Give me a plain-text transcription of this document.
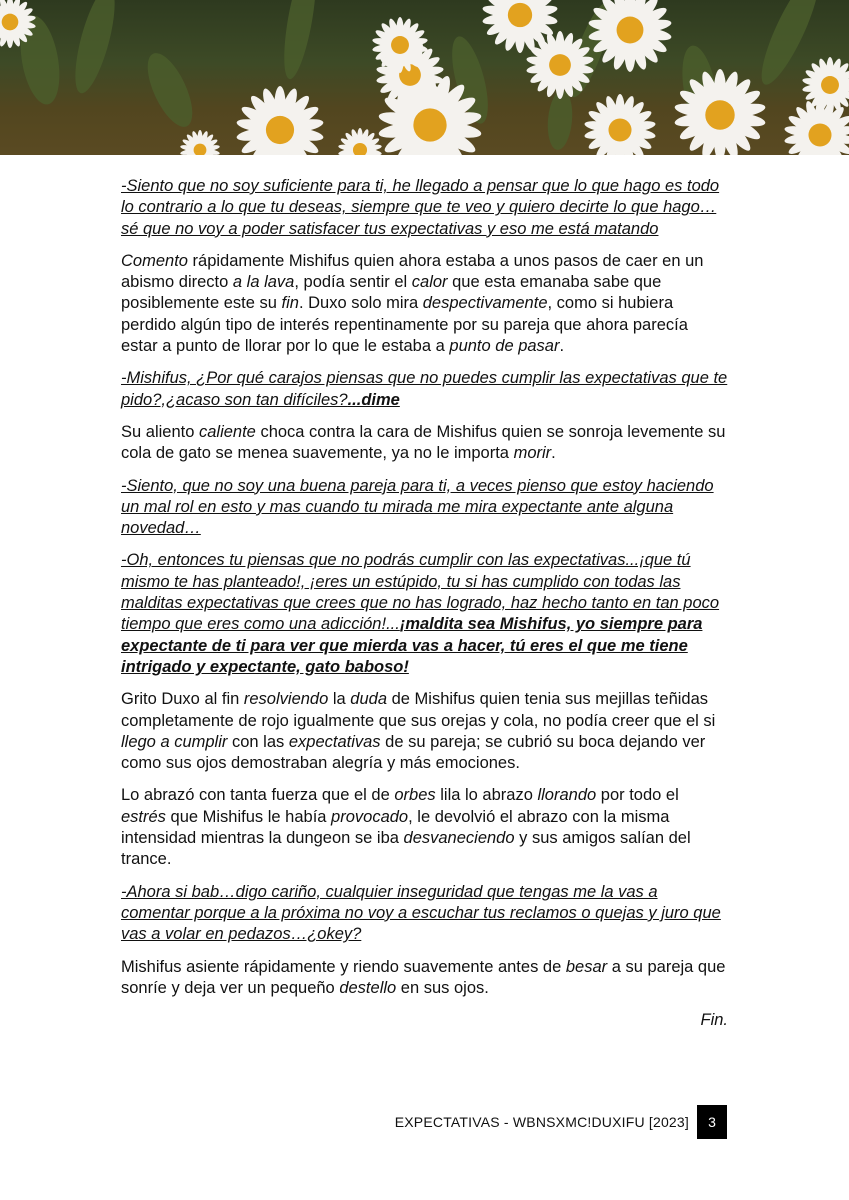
-Siento que no soy suficiente para ti, he llegado a pensar que lo que hago es todo lo contrario a lo que tu deseas, siempre que te veo y quiero decirte lo que hago…sé que no voy a poder satisfacer tus expectativas y eso me está matando

Comento rápidamente Mishifus quien ahora estaba a unos pasos de caer en un abismo directo a la lava, podía sentir el calor que esta emanaba sabe que posiblemente este su fin. Duxo solo mira despectivamente, como si hubiera perdido algún tipo de interés repentinamente por su pareja que ahora parecía estar a punto de llorar por lo que le estaba a punto de pasar.

-Mishifus, ¿Por qué carajos piensas que no puedes cumplir las expectativas que te pido?,¿acaso son tan difíciles?...dime

Su aliento caliente choca contra la cara de Mishifus quien se sonroja levemente su cola de gato se menea suavemente, ya no le importa morir.

-Siento, que no soy una buena pareja para ti, a veces pienso que estoy haciendo un mal rol en esto y mas cuando tu mirada me mira expectante ante alguna novedad…

-Oh, entonces tu piensas que no podrás cumplir con las expectativas...¡que tú mismo te has planteado!, ¡eres un estúpido, tu si has cumplido con todas las malditas expectativas que crees que no has logrado, haz hecho tanto en tan poco tiempo que eres como una adicción!...¡maldita sea Mishifus, yo siempre para expectante de ti para ver que mierda vas a hacer, tú eres el que me tiene intrigado y expectante, gato baboso!

Grito Duxo al fin resolviendo la duda de Mishifus quien tenia sus mejillas teñidas completamente de rojo igualmente que sus orejas y cola, no podía creer que el si llego a cumplir con las expectativas de su pareja; se cubrió su boca dejando ver como sus ojos demostraban alegría y más emociones.

Lo abrazó con tanta fuerza que el de orbes lila lo abrazo llorando por todo el estrés que Mishifus le había provocado, le devolvió el abrazo con la misma intensidad mientras la dungeon se iba desvaneciendo y sus amigos salían del trance.

-Ahora si bab…digo cariño, cualquier inseguridad que tengas me la vas a comentar porque a la próxima no voy a escuchar tus reclamos o quejas y juro que vas a volar en pedazos…¿okey?

Mishifus asiente rápidamente y riendo suavemente antes de besar a su pareja que sonríe y deja ver un pequeño destello en sus ojos.

Fin.

EXPECTATIVAS - WBNSXMC!DUXIFU [2023]	3
